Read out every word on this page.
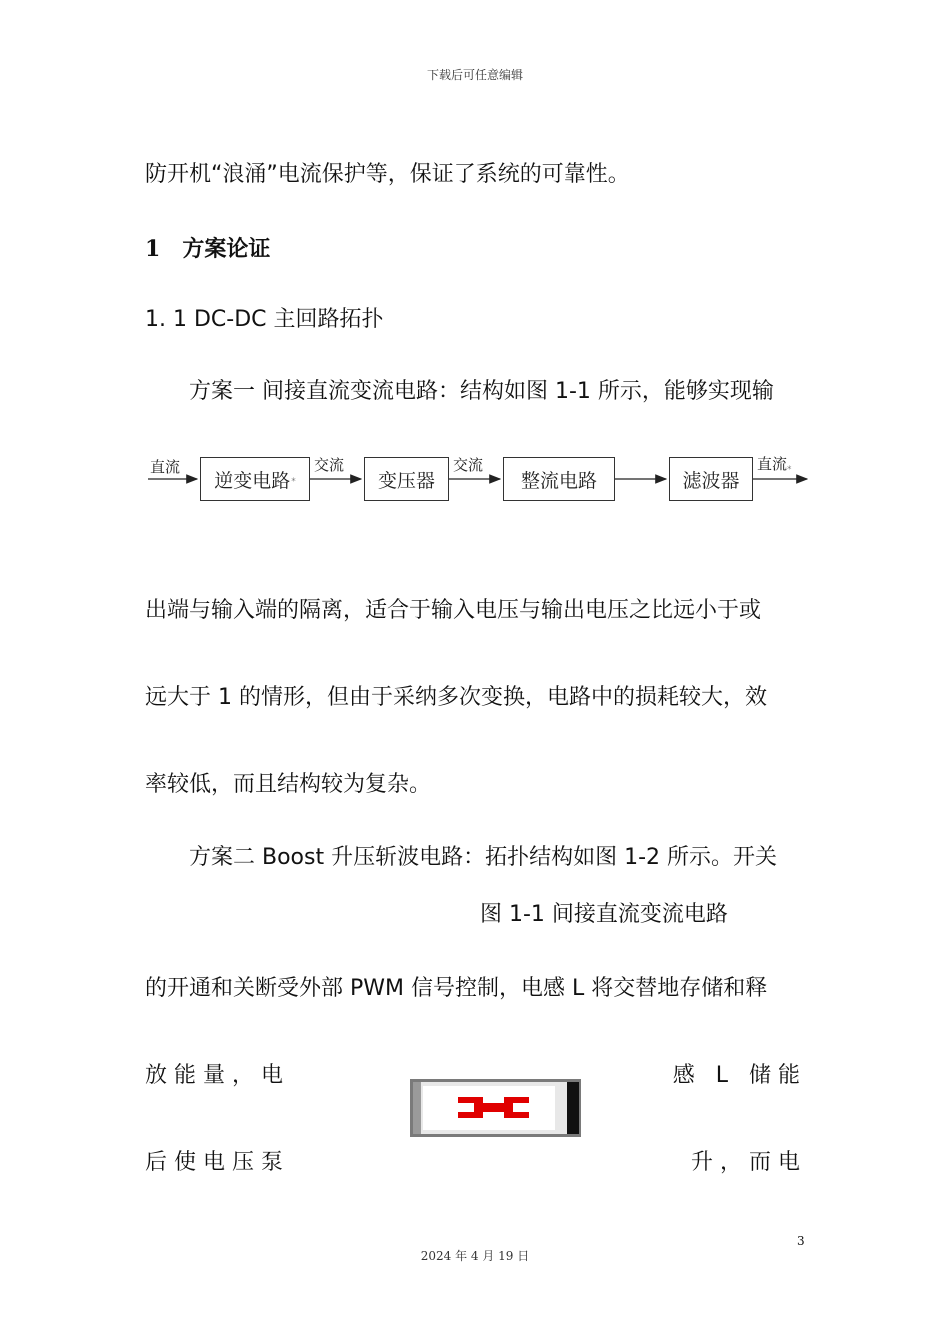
下载后可任意编辑
防开机“浪涌”电流保护等，保证了系统的可靠性。
1 方案论证
1. 1 DC-DC 主回路拓扑
方案一 间接直流变流电路：结构如图 1-1 所示，能够实现输
直流
逆变电路 ⁎
交流
变压器
交流
整流电路	滤波器
直流⁎
出端与输入端的隔离，适合于输入电压与输出电压之比远小于或
远大于 1 的情形，但由于采纳多次变换，电路中的损耗较大，效
率较低，而且结构较为复杂。
方案二 Boost 升压斩波电路：拓扑结构如图 1-2 所示。开关
图 1-1 间接直流变流电路
的开通和关断受外部 PWM 信号控制，电感 L 将交替地存储和释
放能量，电	感 L 储能
后使电压泵	升，而电
3
2024 年 4 月 19 日
